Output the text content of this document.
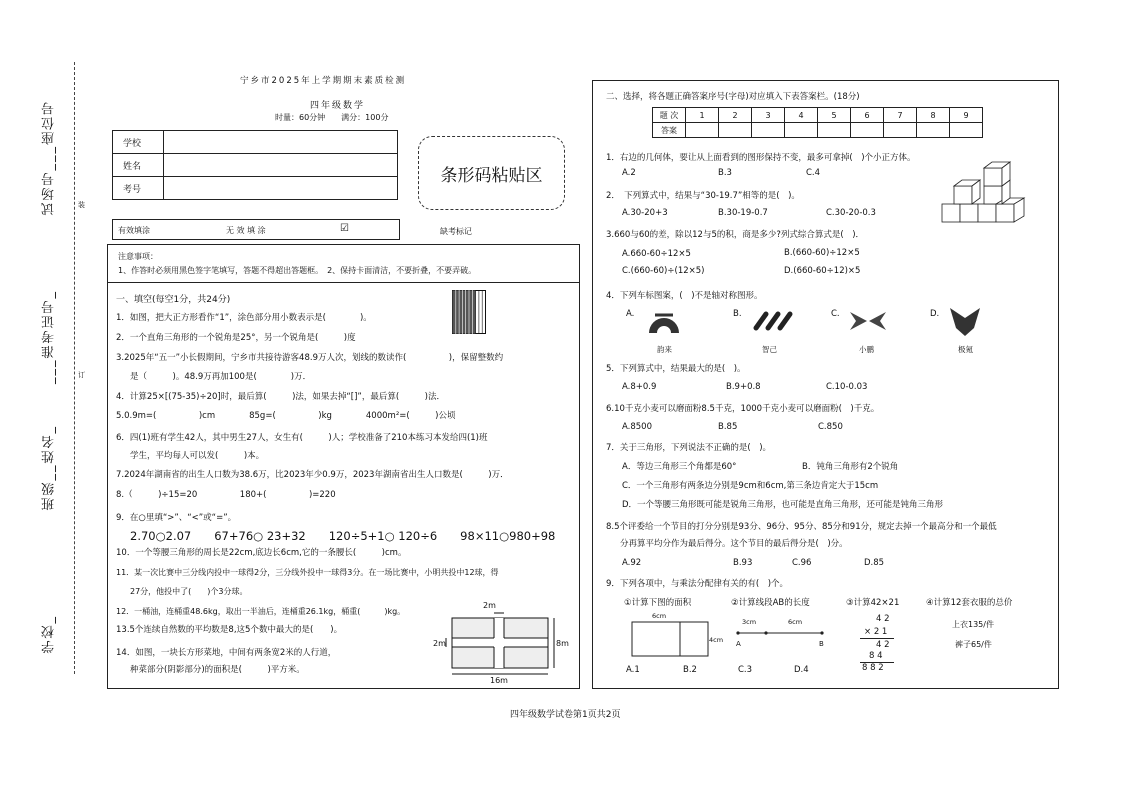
试场号___座位号
___准考证号_
班级__姓名_
学校_
装
订
宁乡市2025年上学期期末素质检测
四年级数学
时量：60分钟　　满分：100分
学校	
姓名	
考号	
条形码粘贴区
有效填涂	无 效 填 涂	☑	缺考标记
注意事项：
1、作答时必须用黑色签字笔填写，答题不得超出答题框。　2、保持卡面清洁，不要折叠，不要弄破。
一、填空(每空1分，共24分)
1．如图，把大正方形看作“1”，涂色部分用小数表示是(　　　　)。
2．一个直角三角形的一个锐角是25°，另一个锐角是(　　　)度
3.2025年“五一”小长假期间，宁乡市共接待游客48.9万人次，划线的数读作(　　　　　)，保留整数约
是（　　　)。48.9万再加100是(　　　　)万．
4．计算25×[(75-35)÷20]时，最后算(　　　)法，如果去掉“[]”，最后算(　　　)法．
5.0.9m=(　　　　　)cm　　　　85g=(　　　　　)kg　　　　4000m²=(　　　)公顷
6．四(1)班有学生42人，其中男生27人，女生有(　　　)人；学校准备了210本练习本发给四(1)班
学生，平均每人可以发(　　　)本。
7.2024年湖南省的出生人口数为38.6万，比2023年少0.9万，2023年湖南省出生人口数是(　　　)万．
8.（　　　)÷15=20　　　　　180+(　　　　　)=220
9．在○里填“>”、“<”或“=”。
2.70○2.07　　67+76○ 23+32　　120÷5+1○ 120÷6　　98×11○980+98
10．一个等腰三角形的周长是22cm,底边长6cm,它的一条腰长(　　　)cm。
11．某一次比赛中三分线内投中一球得2分，三分线外投中一球得3分。在一场比赛中，小明共投中12球，得
27分，他投中了(　　)个3分球。
12．一桶油，连桶重48.6kg，取出一半油后，连桶重26.1kg，桶重(　　　)kg。
13.5个连续自然数的平均数是8,这5个数中最大的是(　　)。
14．如图，一块长方形菜地，中间有两条宽2米的人行道，
种菜部分(阴影部分)的面积是(　　　)平方米。
2m
2m	8m
16m
二、选择，将各题正确答案序号(字母)对应填入下表答案栏。(18分)
题 次	1	2	3	4	5	6	7	8	9
答案									
1．右边的几何体，要让从上面看到的图形保持不变，最多可拿掉(　)个小正方体。
A.2	B.3	C.4
2．　下列算式中，结果与“30-19.7”相等的是(　)。
A.30-20+3	B.30-19-0.7	C.30-20-0.3
3.660与60的差，除以12与5的积，商是多少?列式综合算式是(　)．
A.660-60÷12×5	B.(660-60)÷12×5
C.(660-60)÷(12×5)	D.(660-60÷12)×5
4．下列车标图案，(　)不是轴对称图形。
A.	B.	C.	D.
韵来	智己	小鹏	极氪
5．下列算式中，结果最大的是(　)。
A.8+0.9	B.9+0.8	C.10-0.03
6.10千克小麦可以磨面粉8.5千克，1000千克小麦可以磨面粉(　)千克。
A.8500	B.85	C.850
7．关于三角形，下列说法不正确的是(　)。
A．等边三角形三个角都是60°	B．钝角三角形有2个锐角
C．一个三角形有两条边分别是9cm和6cm,第三条边肯定大于15cm
D．一个等腰三角形既可能是锐角三角形，也可能是直角三角形，还可能是钝角三角形
8.5个评委给一个节目的打分分别是93分、96分、95分、85分和91分，规定去掉一个最高分和一个最低
分再算平均分作为最后得分。这个节目的最后得分是(　)分。
A.92	B.93	C.96	D.85
9．下列各项中，与乘法分配律有关的有(　)个。
①计算下图的面积	②计算线段AB的长度	③计算42×21	④计算12套衣服的总价
6cm
4cm
3cm	6cm
A	B
4 2
× 2 1
4 2
8 4
8 8 2
上衣135/件
裤子65/件
A.1	B.2	C.3	D.4
四年级数学试卷第1页共2页
